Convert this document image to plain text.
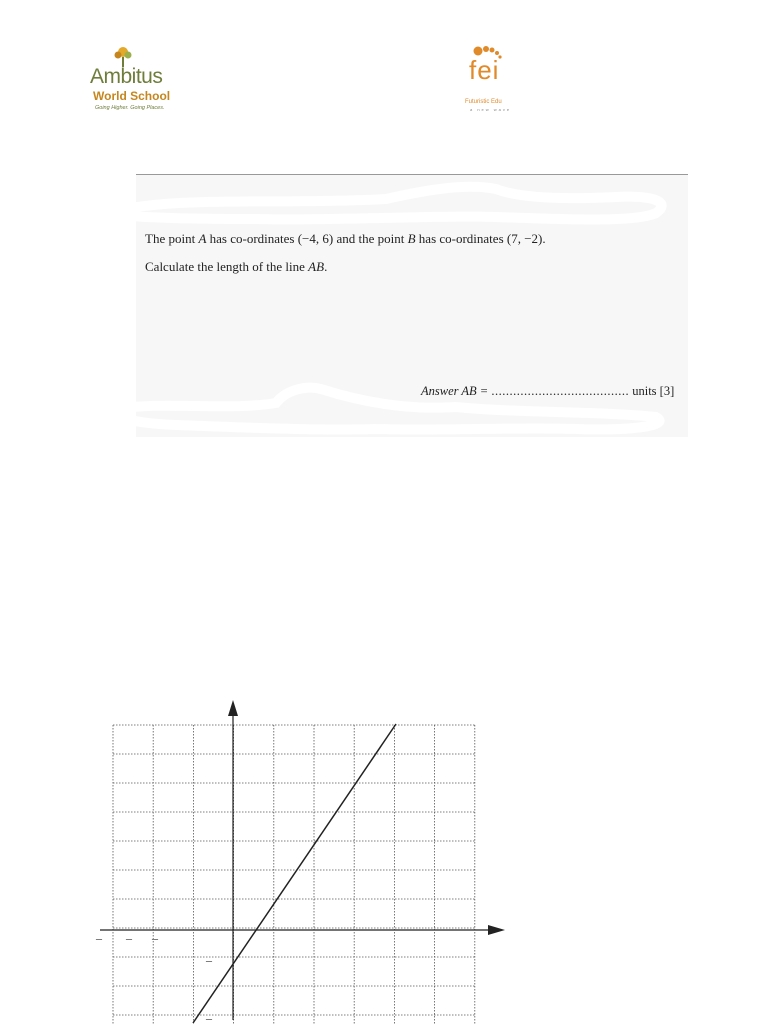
Ambitus
World School
Going Higher. Going Places.
fei
Futuristic Edu
a new wave
The point A has co-ordinates (−4, 6) and the point B has co-ordinates (7, −2).
Calculate the length of the line AB.
Answer AB = ...................................... units [3]
– – –
–
–
